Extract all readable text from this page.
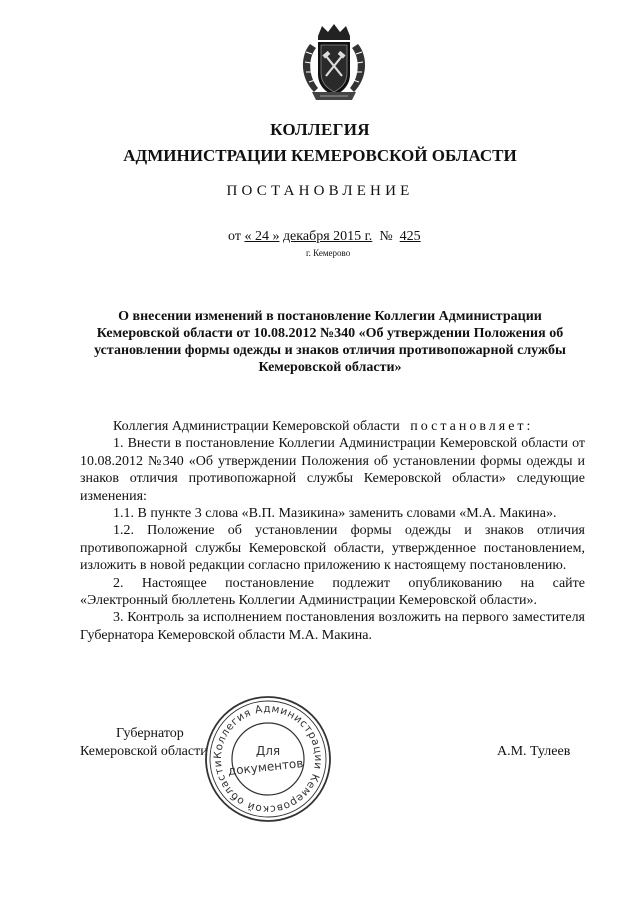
КОЛЛЕГИЯ
АДМИНИСТРАЦИИ КЕМЕРОВСКОЙ ОБЛАСТИ
ПОСТАНОВЛЕНИЕ
от « 24 » декабря 2015 г. № 425
г. Кемерово
О внесении изменений в постановление Коллегии Администрации Кемеровской области от 10.08.2012 №340 «Об утверждении Положения об установлении формы одежды и знаков отличия противопожарной службы Кемеровской области»

Коллегия Администрации Кемеровской области постановляет:

1. Внести в постановление Коллегии Администрации Кемеровской области от 10.08.2012 №340 «Об утверждении Положения об установлении формы одежды и знаков отличия противопожарной службы Кемеровской области» следующие изменения:

1.1. В пункте 3 слова «В.П. Мазикина» заменить словами «М.А. Макина».

1.2. Положение об установлении формы одежды и знаков отличия противопожарной службы Кемеровской области, утвержденное постановлением, изложить в новой редакции согласно приложению к настоящему постановлению.

2. Настоящее постановление подлежит опубликованию на сайте «Электронный бюллетень Коллегии Администрации Кемеровской области».

3. Контроль за исполнением постановления возложить на первого заместителя Губернатора Кемеровской области М.А. Макина.

Губернатор
Кемеровской области	А.М. Тулеев
Коллегия Администрации Кемеровской области
Для
документов
